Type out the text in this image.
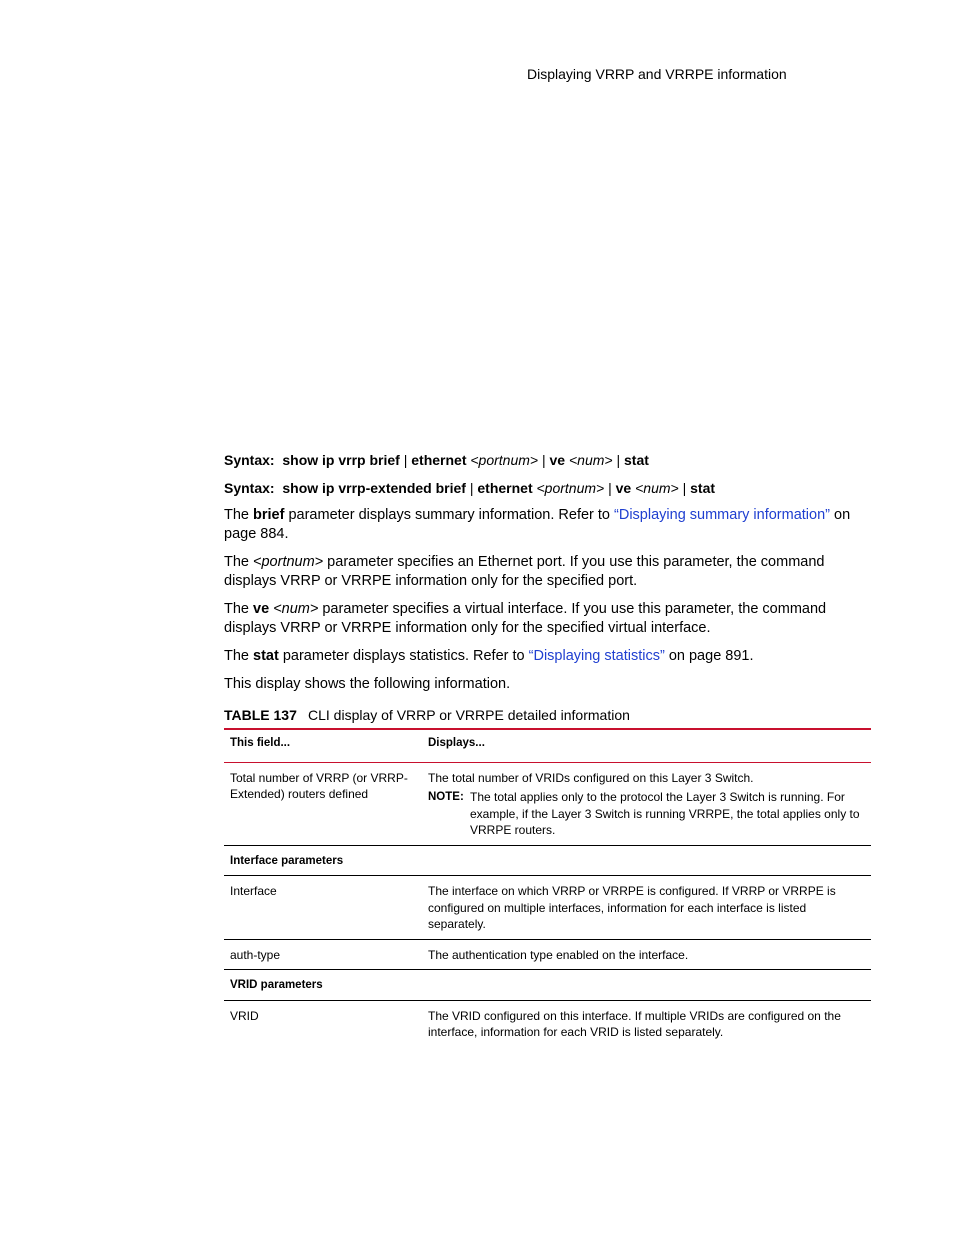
Displaying VRRP and VRRPE information
Syntax: show ip vrrp brief | ethernet <portnum> | ve <num> | stat
Syntax: show ip vrrp-extended brief | ethernet <portnum> | ve <num> | stat

The brief parameter displays summary information. Refer to “Displaying summary information” on page 884.

The <portnum> parameter specifies an Ethernet port. If you use this parameter, the command displays VRRP or VRRPE information only for the specified port.

The ve <num> parameter specifies a virtual interface. If you use this parameter, the command displays VRRP or VRRPE information only for the specified virtual interface.

The stat parameter displays statistics. Refer to “Displaying statistics” on page 891.

This display shows the following information.

TABLE 137 CLI display of VRRP or VRRPE detailed information
This field...	Displays...
Total number of VRRP (or VRRP-Extended) routers defined	The total number of VRIDs configured on this Layer 3 Switch.
NOTE: The total applies only to the protocol the Layer 3 Switch is running. For example, if the Layer 3 Switch is running VRRPE, the total applies only to VRRPE routers.

Interface parameters	
Interface	The interface on which VRRP or VRRPE is configured. If VRRP or VRRPE is configured on multiple interfaces, information for each interface is listed separately.
auth-type	The authentication type enabled on the interface.
VRID parameters	
VRID	The VRID configured on this interface. If multiple VRIDs are configured on the interface, information for each VRID is listed separately.
